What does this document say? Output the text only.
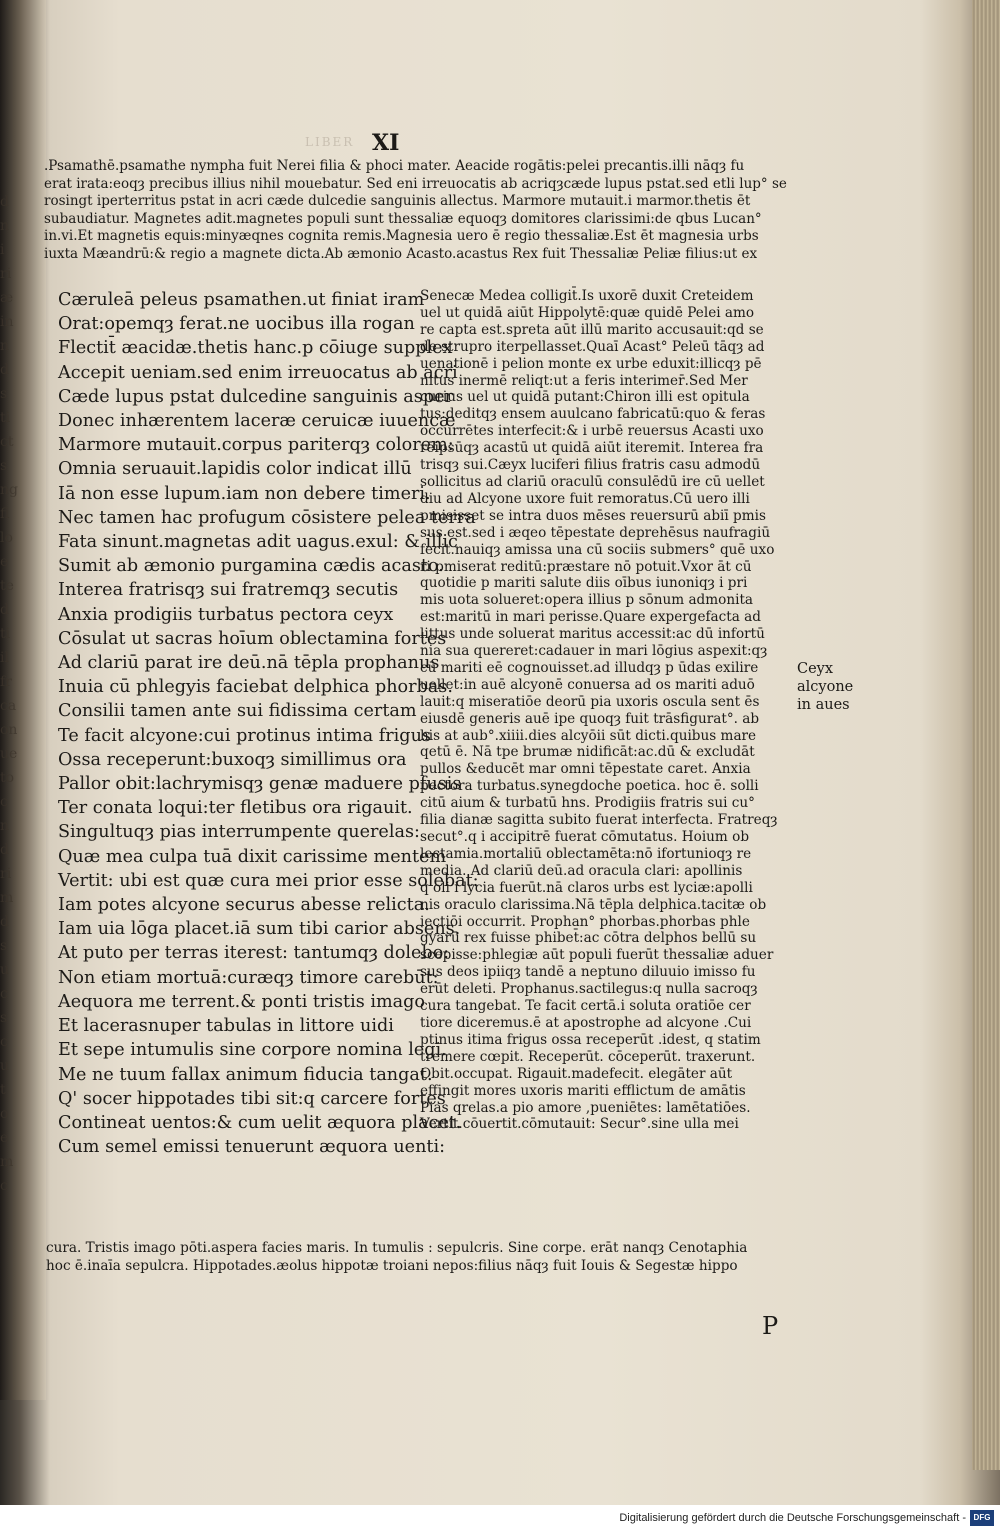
d
n
i
ri
æ
in
n
d
s
ti
ct
s
ng
fi
lo
e
te
d
ti
il
fr
ca
on
ue
to
c
n
d
ri
m
d
s
u
c
s
c
u
t
o
e
m
c
LIBER XI
.Psamathē.psamathe nympha fuit Nerei filia & phoci mater. Aeacide rogātis:pelei precantis.illi nāqȝ fu
erat irata:eoqȝ precibus illius nihil mouebatur. Sed eni irreuocatis ab acriqȝcæde lupus pstat.sed etli lup° se
rosingt iperterritus pstat in acri cæde dulcedie sanguinis allectus. Marmore mutauit.i marmor.thetis ēt
subaudiatur. Magnetes adit.magnetes populi sunt thessaliæ equoqȝ domitores clarissimi:de qbus Lucan°
in.vi.Et magnetis equis:minyæqnes cognita remis.Magnesia uero ē regio thessaliæ.Est ēt magnesia urbs
iuxta Mæandrū:& regio a magnete dicta.Ab æmonio Acasto.acastus Rex fuit Thessaliæ Peliæ filius:ut ex
Cæruleā peleus psamathen.ut finiat iram
Orat:opemqȝ ferat.ne uocibus illa rogan
Flectit̄ æacidæ.thetis hanc.p cōiuge supplex
Accepit ueniam.sed enim irreuocatus ab acri
Cæde lupus pstat dulcedine sanguinis asper
Donec inhærentem laceræ ceruicæ iuuencæ
Marmore mutauit.corpus pariterqȝ colorem:
Omnia seruauit.lapidis color indicat illū
Iā non esse lupum.iam non debere timeri.
Nec tamen hac profugum cōsistere pelea terra
Fata sinunt.magnetas adit uagus.exul: & illic
Sumit ab æmonio purgamina cædis acasto.
Interea fratrisqȝ sui fratremqȝ secutis
Anxia prodigiis turbatus pectora ceyx
Cōsulat ut sacras hoīum oblectamina fortes
Ad clariū parat ire deū.nā tēpla prophanus
Inuia cū phlegyis faciebat delphica phorbas.
Consilii tamen ante sui fidissima certam
Te facit alcyone:cui protinus intima frigus
Ossa receperunt:buxoqȝ simillimus ora
Pallor obit:lachrymisqȝ genæ maduere pfusis
Ter conata loqui:ter fletibus ora rigauit.
Singultuqȝ pias interrumpente querelas:
Quæ mea culpa tuā dixit carissime mentem
Vertit: ubi est quæ cura mei prior esse solebat:
Iam potes alcyone securus abesse relicta.
Iam uia lōga placet.iā sum tibi carior absens.
At puto per terras iterest: tantumqȝ dolebo:
Non etiam mortuā:curæqȝ timore carebūt:
Aequora me terrent.& ponti tristis imago
Et lacerasnuper tabulas in littore uidi
Et sepe intumulis sine corpore nomina legi.
Me ne tuum fallax animum fiducia tangat.
Q' socer hippotades tibi sit:q carcere fortes
Contineat uentos:& cum uelit æquora placet.
Cum semel emissi tenuerunt æquora uenti:
Senecæ Medea colligit̄.Is uxorē duxit Creteidem
uel ut quidā aiūt Hippolytē:quæ quidē Pelei amo
re capta est.spreta aūt illū marito accusauit:qd se
de strupro iterpellasset.Quaī Acast° Peleū tāqȝ ad
uenationē i pelion monte ex urbe eduxit:illicqȝ pē
nitus inermē reliqt:ut a feris interimer̄.Sed Mer
curius uel ut quidā putant:Chiron illi est opitula
tus:deditqȝ ensem auulcano fabricatū:quo & feras
occurrētes interfecit:& i urbē reuersus Acasti uxo
rēipsūqȝ acastū ut quidā aiūt iteremit. Interea fra
trisqȝ sui.Cæyx luciferi filius fratris casu admodū
sollicitus ad clariū oraculū consulēdū ire cū uellet
diu ad Alcyone uxore fuit remoratus.Cū uero illi
pmisisset se intra duos mēses reuersurū abiī pmis
sus est.sed i æqeo tēpestate deprehēsus naufragiū
fecit.nauiqȝ amissa una cū sociis submers° quē uxo
ri pmiserat reditū:præstare nō potuit.Vxor āt cū
quotidie p mariti salute diis oībus iunoniqȝ i pri
mis uota solueret:opera illius p sōnum admonita
est:maritū in mari perisse.Quare expergefacta ad
littus unde soluerat maritus accessit:ac dū infortū
nia sua quereret:cadauer in mari lōgius aspexit:qȝ
cū mariti eē cognouisset.ad illudqȝ p ūdas exilire
uellet:in auē alcyonē conuersa ad os mariti aduō
lauit:q miseratiōe deorū pia uxoris oscula sent ēs
eiusdē generis auē ipe quoqȝ fuit trāsfigurat°. ab
his at aub°.xiiii.dies alcyōii sūt dicti.quibus mare
qetū ē. Nā tpe brumæ nidificāt:ac.dū & excludāt
pullos &educēt mar omni tēpestate caret. Anxia
pectora turbatus.synegdoche poetica. hoc ē. solli
citū aium & turbatū hns. Prodigiis fratris sui cu°
filia dianæ sagitta subito fuerat interfecta. Fratreqȝ
secut°.q i accipitrē fuerat cōmutatus. Hoium ob
lectamia.mortaliū oblectamēta:nō ifortunioqȝ re
media. Ad clariū deū.ad oracula clari: apollinis
q oli i lycia fuerūt.nā claros urbs est lyciæ:apolli
nis oraculo clarissima.Nā tēpla delphica.tacitæ ob
iectiōi occurrit. Prophan° phorbas.phorbas phle
gyarū rex fuisse phibet̄:ac cōtra delphos bellū su
scepisse:phlegiæ aūt populi fuerūt thessaliæ aduer
sus deos ipiiqȝ tandē a neptuno diluuio imisso fu
erūt deleti. Prophanus.sactilegus:q nulla sacroqȝ
cura tangebat. Te facit certā.i soluta oratiōe cer
tiore diceremus.ē at apostrophe ad alcyone .Cui
ptinus itima frigus ossa receperūt .idest, q statim
tremere cœpit. Receperūt. cōceperūt. traxerunt.
Obit.occupat. Rigauit.madefecit. elegāter aūt
effingit mores uxoris mariti efflictum de amātis
Pias qrelas.a pio amore ,pueniētes: lamētatiōes.
Vertit.cōuertit.cōmutauit: Secur°.sine ulla mei
Ceyx
alcyone
in aues
cura. Tristis imago pōti.aspera facies maris. In tumulis : sepulcris. Sine corpe. erāt nanqȝ Cenotaphia
hoc ē.inaīa sepulcra. Hippotades.æolus hippotæ troiani nepos:filius nāqȝ fuit Iouis & Segestæ hippo
P
Digitalisierung gefördert durch die Deutsche Forschungsgemeinschaft - DFG
